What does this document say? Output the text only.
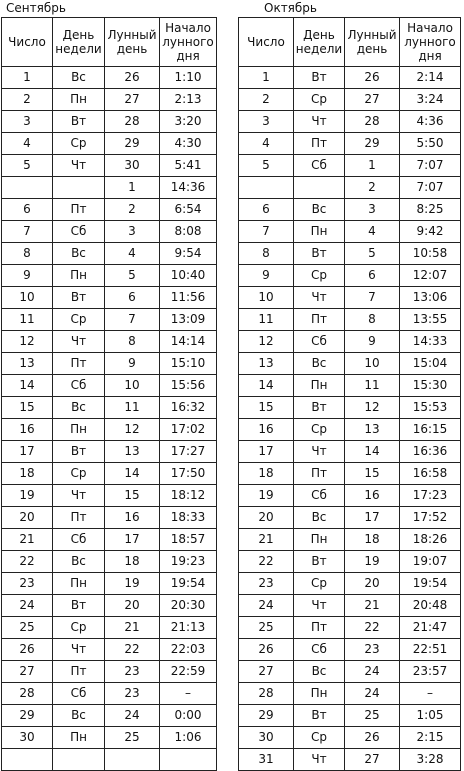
Сентябрь	Октябрь
Число	День недели	Лунный день	Начало лунного дня
1	Вс	26	1:10
2	Пн	27	2:13
3	Вт	28	3:20
4	Ср	29	4:30
5	Чт	30	5:41
		1	14:36
6	Пт	2	6:54
7	Сб	3	8:08
8	Вс	4	9:54
9	Пн	5	10:40
10	Вт	6	11:56
11	Ср	7	13:09
12	Чт	8	14:14
13	Пт	9	15:10
14	Сб	10	15:56
15	Вс	11	16:32
16	Пн	12	17:02
17	Вт	13	17:27
18	Ср	14	17:50
19	Чт	15	18:12
20	Пт	16	18:33
21	Сб	17	18:57
22	Вс	18	19:23
23	Пн	19	19:54
24	Вт	20	20:30
25	Ср	21	21:13
26	Чт	22	22:03
27	Пт	23	22:59
28	Сб	23	–
29	Вс	24	0:00
30	Пн	25	1:06

Число	День недели	Лунный день	Начало лунного дня
1	Вт	26	2:14
2	Ср	27	3:24
3	Чт	28	4:36
4	Пт	29	5:50
5	Сб	1	7:07
		2	7:07
6	Вс	3	8:25
7	Пн	4	9:42
8	Вт	5	10:58
9	Ср	6	12:07
10	Чт	7	13:06
11	Пт	8	13:55
12	Сб	9	14:33
13	Вс	10	15:04
14	Пн	11	15:30
15	Вт	12	15:53
16	Ср	13	16:15
17	Чт	14	16:36
18	Пт	15	16:58
19	Сб	16	17:23
20	Вс	17	17:52
21	Пн	18	18:26
22	Вт	19	19:07
23	Ср	20	19:54
24	Чт	21	20:48
25	Пт	22	21:47
26	Сб	23	22:51
27	Вс	24	23:57
28	Пн	24	–
29	Вт	25	1:05
30	Ср	26	2:15
31	Чт	27	3:28
